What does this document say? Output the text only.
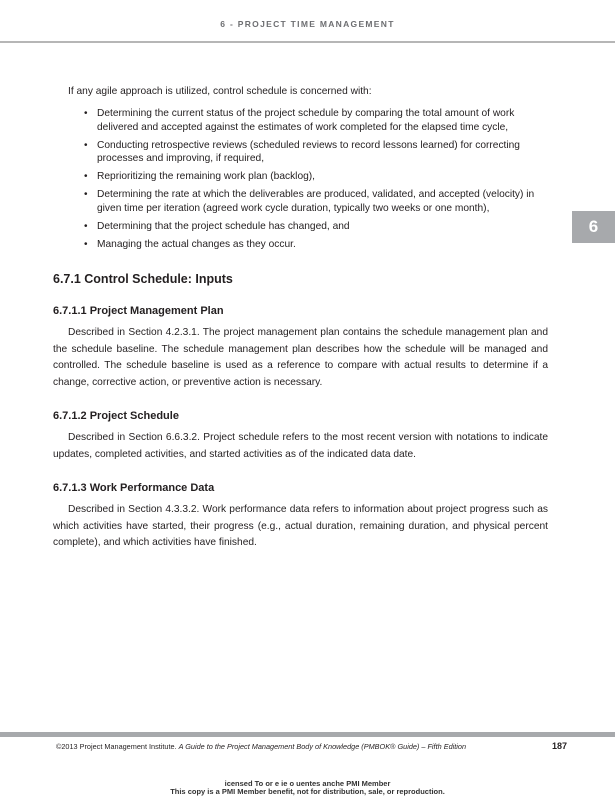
6 - PROJECT TIME MANAGEMENT
6

If any agile approach is utilized, control schedule is concerned with:

• Determining the current status of the project schedule by comparing the total amount of work delivered and accepted against the estimates of work completed for the elapsed time cycle,
• Conducting retrospective reviews (scheduled reviews to record lessons learned) for correcting processes and improving, if required,
• Reprioritizing the remaining work plan (backlog),
• Determining the rate at which the deliverables are produced, validated, and accepted (velocity) in given time per iteration (agreed work cycle duration, typically two weeks or one month),
• Determining that the project schedule has changed, and
• Managing the actual changes as they occur.
6.7.1 Control Schedule: Inputs
6.7.1.1 Project Management Plan

Described in Section 4.2.3.1. The project management plan contains the schedule management plan and the schedule baseline. The schedule management plan describes how the schedule will be managed and controlled. The schedule baseline is used as a reference to compare with actual results to determine if a change, corrective action, or preventive action is necessary.

6.7.1.2 Project Schedule

Described in Section 6.6.3.2. Project schedule refers to the most recent version with notations to indicate updates, completed activities, and started activities as of the indicated data date.

6.7.1.3 Work Performance Data

Described in Section 4.3.3.2. Work performance data refers to information about project progress such as which activities have started, their progress (e.g., actual duration, remaining duration, and physical percent complete), and which activities have finished.

©2013 Project Management Institute. A Guide to the Project Management Body of Knowledge (PMBOK® Guide) – Fifth Edition	187
icensed To or e ie o uentes anche PMI Member
This copy is a PMI Member benefit, not for distribution, sale, or reproduction.
